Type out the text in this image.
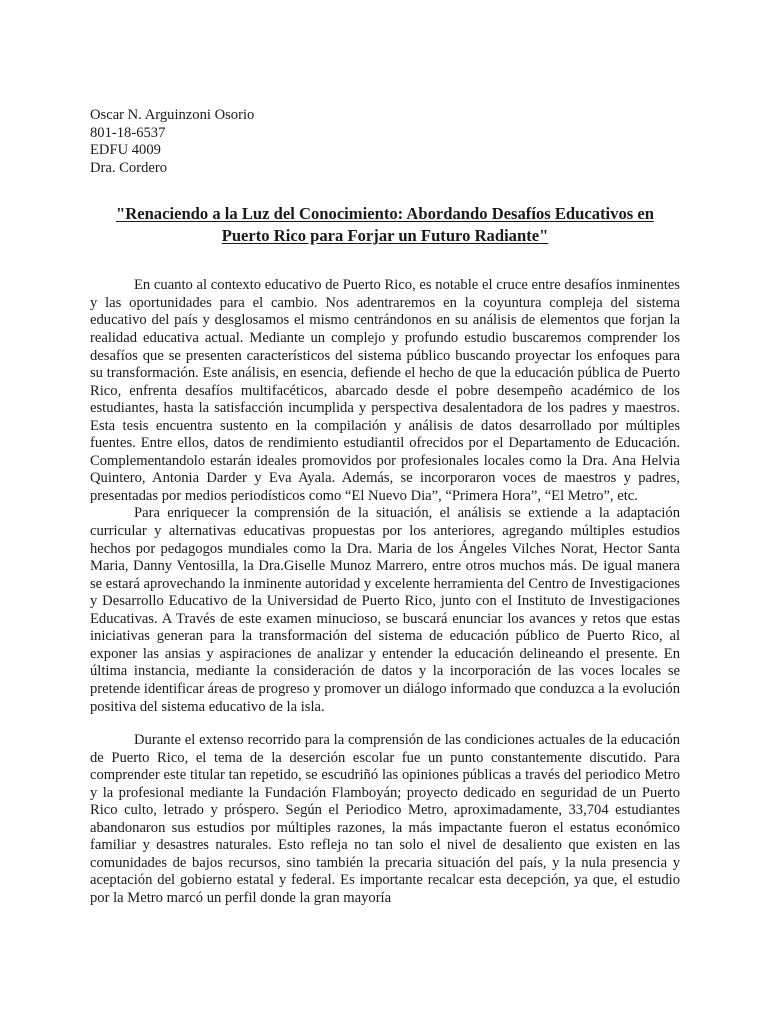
Oscar N. Arguinzoni Osorio

801-18-6537

EDFU 4009

Dra. Cordero

"Renaciendo a la Luz del Conocimiento: Abordando Desafíos Educativos en
Puerto Rico para Forjar un Futuro Radiante"

En cuanto al contexto educativo de Puerto Rico, es notable el cruce entre desafíos inminentes y las oportunidades para el cambio. Nos adentraremos en la coyuntura compleja del sistema educativo del país y desglosamos el mismo centrándonos en su análisis de elementos que forjan la realidad educativa actual. Mediante un complejo y profundo estudio buscaremos comprender los desafíos que se presenten característicos del sistema público buscando proyectar los enfoques para su transformación. Este análisis, en esencia, defiende el hecho de que la educación pública de Puerto Rico, enfrenta desafíos multifacéticos, abarcado desde el pobre desempeño académico de los estudiantes, hasta la satisfacción incumplida y perspectiva desalentadora de los padres y maestros. Esta tesis encuentra sustento en la compilación y análisis de datos desarrollado por múltiples fuentes. Entre ellos, datos de rendimiento estudiantil ofrecidos por el Departamento de Educación. Complementandolo estarán ideales promovidos por profesionales locales como la Dra. Ana Helvia Quintero, Antonia Darder y Eva Ayala. Además, se incorporaron voces de maestros y padres, presentadas por medios periodísticos como “El Nuevo Dia”, “Primera Hora”, “El Metro”, etc.

Para enriquecer la comprensión de la situación, el análisis se extiende a la adaptación curricular y alternativas educativas propuestas por los anteriores, agregando múltiples estudios hechos por pedagogos mundiales como la Dra. Maria de los Ángeles Vilches Norat, Hector Santa Maria, Danny Ventosilla, la Dra.Giselle Munoz Marrero, entre otros muchos más. De igual manera se estará aprovechando la inminente autoridad y excelente herramienta del Centro de Investigaciones y Desarrollo Educativo de la Universidad de Puerto Rico, junto con el Instituto de Investigaciones Educativas. A Través de este examen minucioso, se buscará enunciar los avances y retos que estas iniciativas generan para la transformación del sistema de educación público de Puerto Rico, al exponer las ansias y aspiraciones de analizar y entender la educación delineando el presente. En última instancia, mediante la consideración de datos y la incorporación de las voces locales se pretende identificar áreas de progreso y promover un diálogo informado que conduzca a la evolución positiva del sistema educativo de la isla.

Durante el extenso recorrido para la comprensión de las condiciones actuales de la educación de Puerto Rico, el tema de la deserción escolar fue un punto constantemente discutido. Para comprender este titular tan repetido, se escudriñó las opiniones públicas a través del periodico Metro y la profesional mediante la Fundación Flamboyán; proyecto dedicado en seguridad de un Puerto Rico culto, letrado y próspero. Según el Periodico Metro, aproximadamente, 33,704 estudiantes abandonaron sus estudios por múltiples razones, la más impactante fueron el estatus económico familiar y desastres naturales. Esto refleja no tan solo el nivel de desaliento que existen en las comunidades de bajos recursos, sino también la precaria situación del país, y la nula presencia y aceptación del gobierno estatal y federal. Es importante recalcar esta decepción, ya que, el estudio por la Metro marcó un perfil donde la gran mayoría
